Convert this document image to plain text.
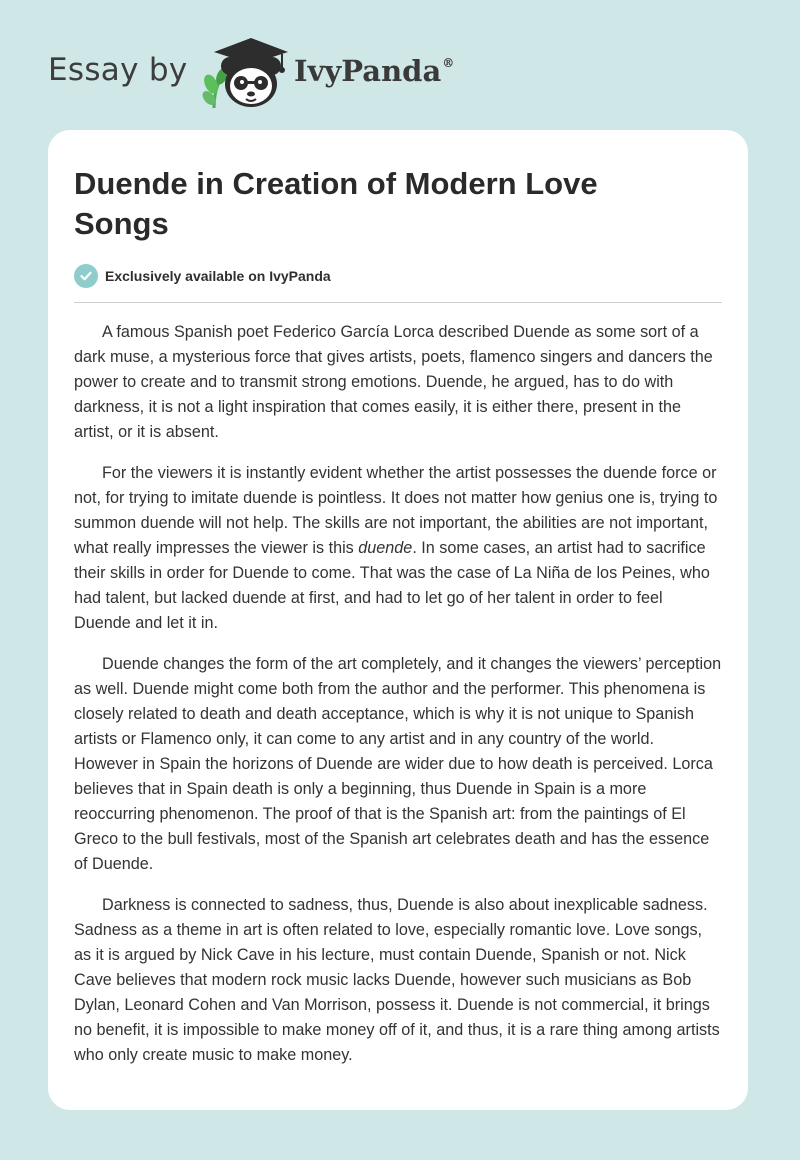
Essay by	IvyPanda®
Duende in Creation of Modern Love Songs
Exclusively available on IvyPanda

A famous Spanish poet Federico García Lorca described Duende as some sort of a dark muse, a mysterious force that gives artists, poets, flamenco singers and dancers the power to create and to transmit strong emotions. Duende, he argued, has to do with darkness, it is not a light inspiration that comes easily, it is either there, present in the artist, or it is absent.

For the viewers it is instantly evident whether the artist possesses the duende force or not, for trying to imitate duende is pointless. It does not matter how genius one is, trying to summon duende will not help. The skills are not important, the abilities are not important, what really impresses the viewer is this duende. In some cases, an artist had to sacrifice their skills in order for Duende to come. That was the case of La Niña de los Peines, who had talent, but lacked duende at first, and had to let go of her talent in order to feel Duende and let it in.

Duende changes the form of the art completely, and it changes the viewers’ perception as well. Duende might come both from the author and the performer. This phenomena is closely related to death and death acceptance, which is why it is not unique to Spanish artists or Flamenco only, it can come to any artist and in any country of the world. However in Spain the horizons of Duende are wider due to how death is perceived. Lorca believes that in Spain death is only a beginning, thus Duende in Spain is a more reoccurring phenomenon. The proof of that is the Spanish art: from the paintings of El Greco to the bull festivals, most of the Spanish art celebrates death and has the essence of Duende.

Darkness is connected to sadness, thus, Duende is also about inexplicable sadness. Sadness as a theme in art is often related to love, especially romantic love. Love songs, as it is argued by Nick Cave in his lecture, must contain Duende, Spanish or not. Nick Cave believes that modern rock music lacks Duende, however such musicians as Bob Dylan, Leonard Cohen and Van Morrison, possess it. Duende is not commercial, it brings no benefit, it is impossible to make money off of it, and thus, it is a rare thing among artists who only create music to make money.
